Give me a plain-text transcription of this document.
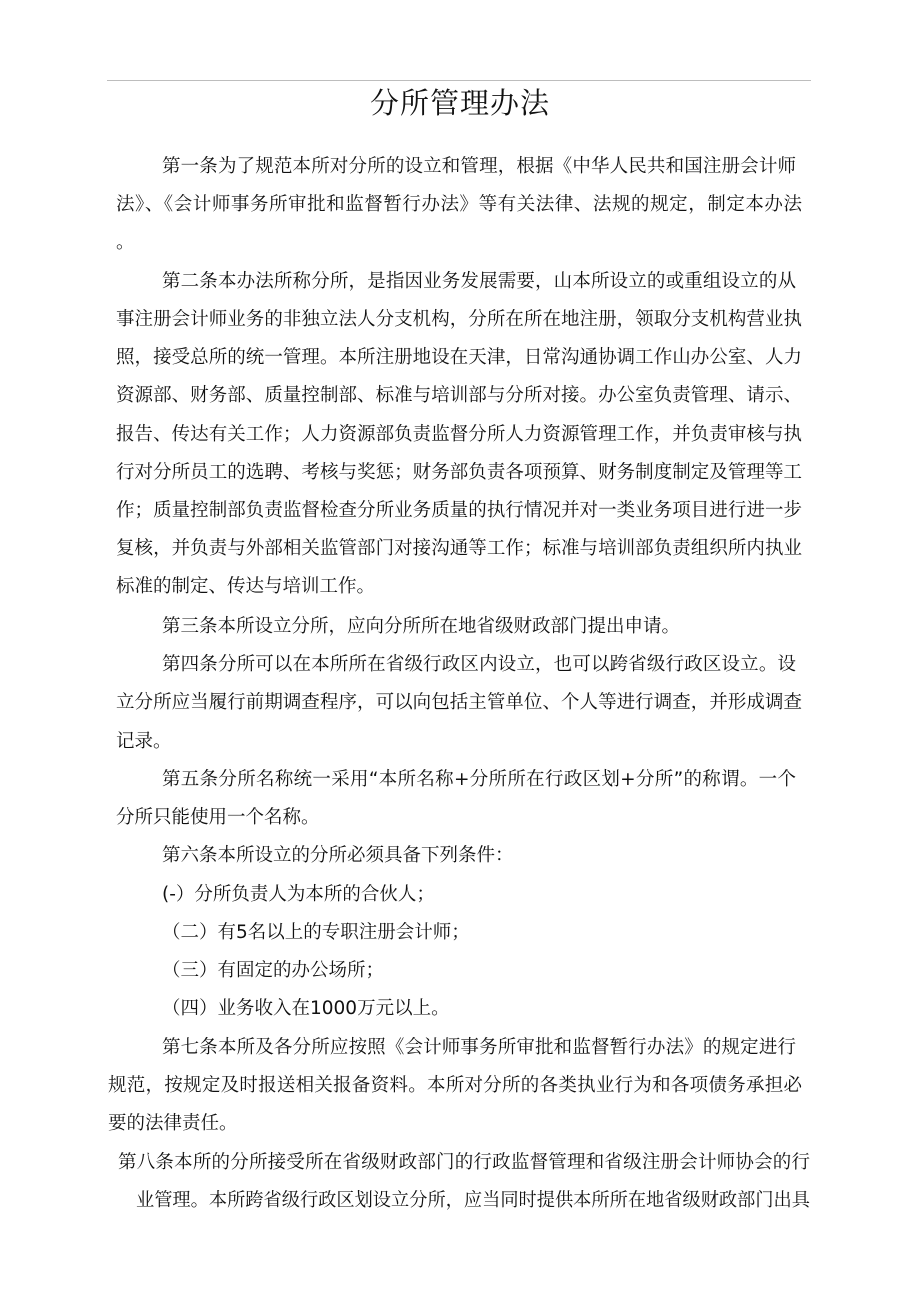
分所管理办法
第一条为了规范本所对分所的设立和管理，根据《中华人民共和国注册会计师
法》、《会计师事务所审批和监督暂行办法》等有关法律、法规的规定，制定本办法
。
第二条本办法所称分所，是指因业务发展需要，山本所设立的或重组设立的从
事注册会计师业务的非独立法人分支机构，分所在所在地注册，领取分支机构营业执
照，接受总所的统一管理。本所注册地设在天津，日常沟通协调工作山办公室、人力
资源部、财务部、质量控制部、标准与培训部与分所对接。办公室负责管理、请示、
报告、传达有关工作；人力资源部负责监督分所人力资源管理工作，并负责审核与执
行对分所员工的选聘、考核与奖惩；财务部负责各项预算、财务制度制定及管理等工
作；质量控制部负责监督检查分所业务质量的执行情况并对一类业务项目进行进一步
复核，并负责与外部相关监管部门对接沟通等工作；标准与培训部负责组织所内执业
标准的制定、传达与培训工作。
第三条本所设立分所，应向分所所在地省级财政部门提出申请。
第四条分所可以在本所所在省级行政区内设立，也可以跨省级行政区设立。设
立分所应当履行前期调查程序，可以向包括主管单位、个人等进行调查，并形成调查
记录。
第五条分所名称统一采用“本所名称+分所所在行政区划+分所”的称谓。一个
分所只能使用一个名称。
第六条本所设立的分所必须具备下列条件：
(-）分所负责人为本所的合伙人；
（二）有5名以上的专职注册会计师；
（三）有固定的办公场所；
（四）业务收入在1000万元以上。
第七条本所及各分所应按照《会计师事务所审批和监督暂行办法》的规定进行
规范，按规定及时报送相关报备资料。本所对分所的各类执业行为和各项债务承担必
要的法律责任。
第八条本所的分所接受所在省级财政部门的行政监督管理和省级注册会计师协会的行
业管理。本所跨省级行政区划设立分所，应当同时提供本所所在地省级财政部门出具
